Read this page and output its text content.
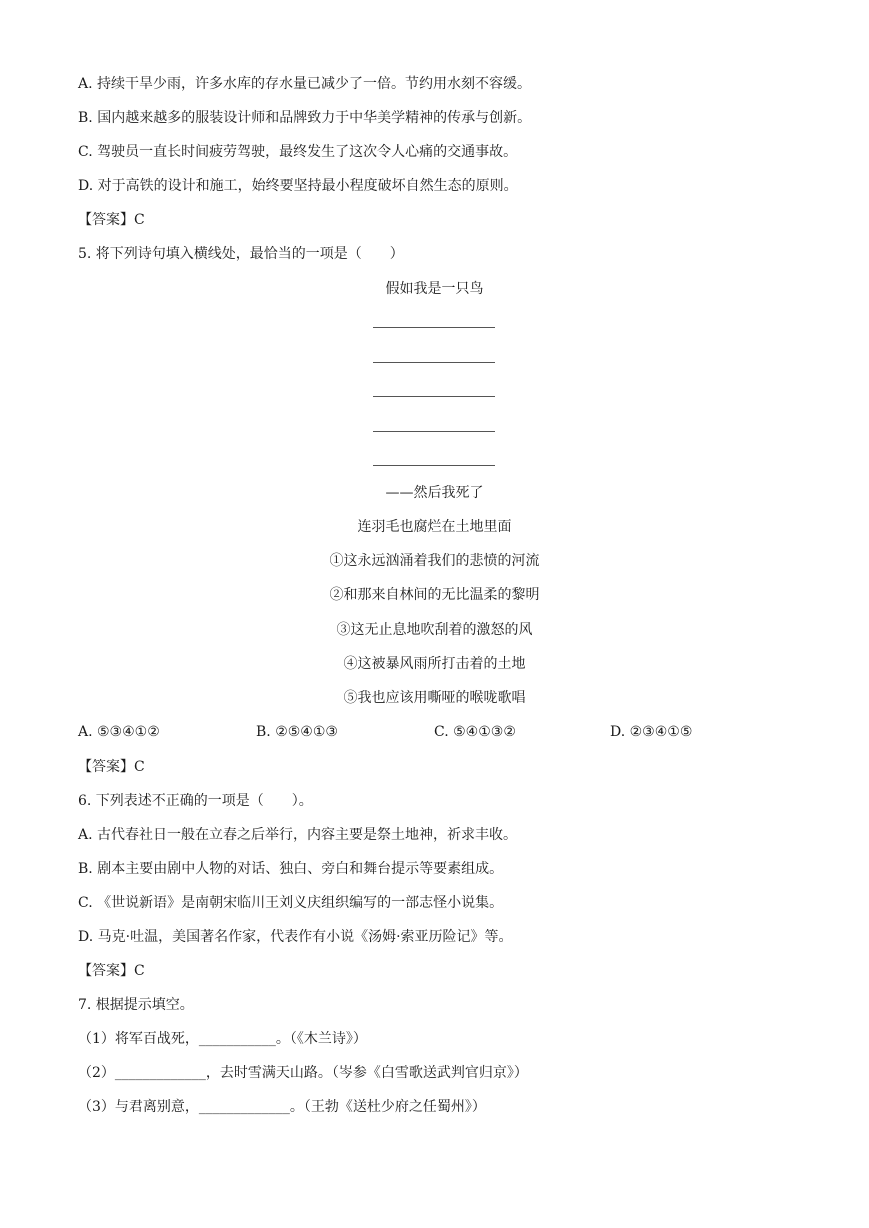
A. 持续干旱少雨，许多水库的存水量已减少了一倍。节约用水刻不容缓。
B. 国内越来越多的服装设计师和品牌致力于中华美学精神的传承与创新。
C. 驾驶员一直长时间疲劳驾驶，最终发生了这次令人心痛的交通事故。
D. 对于高铁的设计和施工，始终要坚持最小程度破坏自然生态的原则。
【答案】C
5. 将下列诗句填入横线处，最恰当的一项是（　　）
假如我是一只鸟
——然后我死了
连羽毛也腐烂在土地里面
①这永远汹涌着我们的悲愤的河流
②和那来自林间的无比温柔的黎明
③这无止息地吹刮着的激怒的风
④这被暴风雨所打击着的土地
⑤我也应该用嘶哑的喉咙歌唱
A. ⑤③④①②	B. ②⑤④①③	C. ⑤④①③②	D. ②③④①⑤
【答案】C
6. 下列表述不正确的一项是（　　）。
A. 古代春社日一般在立春之后举行，内容主要是祭土地神，祈求丰收。
B. 剧本主要由剧中人物的对话、独白、旁白和舞台提示等要素组成。
C. 《世说新语》是南朝宋临川王刘义庆组织编写的一部志怪小说集。
D. 马克·吐温，美国著名作家，代表作有小说《汤姆·索亚历险记》等。
【答案】C
7. 根据提示填空。
（1）将军百战死，___________。（《木兰诗》）
（2）_____________，去时雪满天山路。（岑参《白雪歌送武判官归京》）
（3）与君离别意，_____________。（王勃《送杜少府之任蜀州》）
